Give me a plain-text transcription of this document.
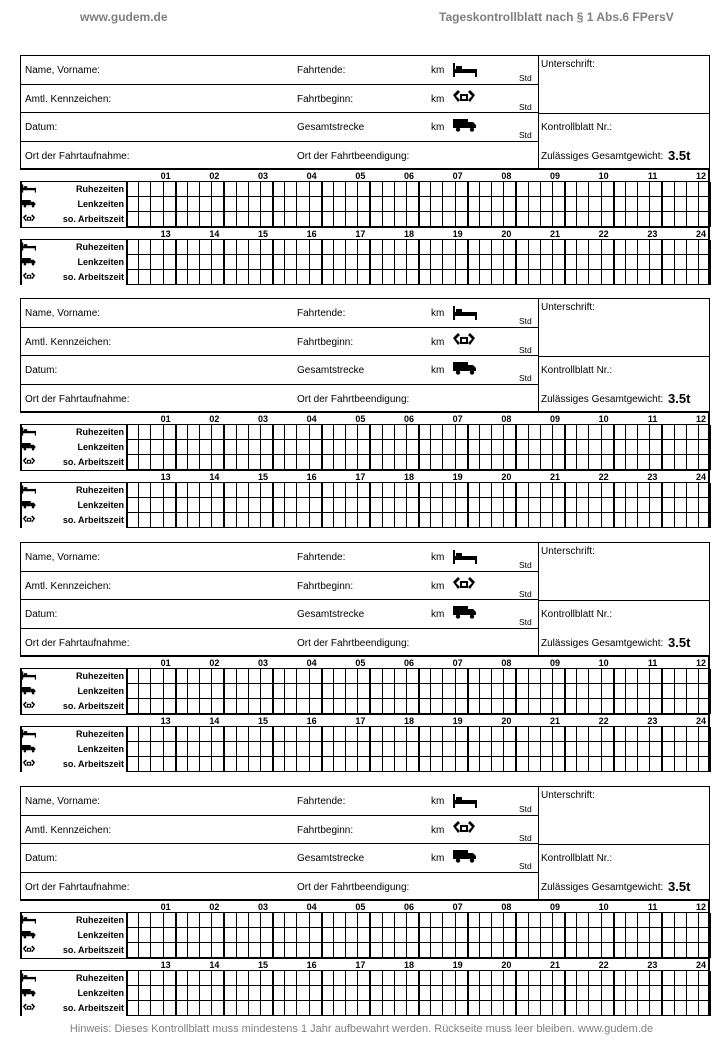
www.gudem.de	Tageskontrollblatt nach § 1 Abs.6 FPersV
Name, Vorname:	Fahrtende:	km
Std
Amtl. Kennzeichen:	Fahrtbeginn:	km
Std
Datum:	Gesamtstrecke	km
Std
Ort der Fahrtaufnahme:	Ort der Fahrtbeendigung:	Zulässiges Gesamtgewicht: 3.5t
Unterschrift:
Kontrollblatt Nr.:
01	02	03	04	05	06	07	08	09	10	11	12
Ruhezeiten
Lenkzeiten
so. Arbeitszeit
13	14	15	16	17	18	19	20	21	22	23	24
Ruhezeiten
Lenkzeiten
so. Arbeitszeit
Name, Vorname:	Fahrtende:	km
Std
Amtl. Kennzeichen:	Fahrtbeginn:	km
Std
Datum:	Gesamtstrecke	km
Std
Ort der Fahrtaufnahme:	Ort der Fahrtbeendigung:	Zulässiges Gesamtgewicht: 3.5t
Unterschrift:
Kontrollblatt Nr.:
01	02	03	04	05	06	07	08	09	10	11	12
Ruhezeiten
Lenkzeiten
so. Arbeitszeit
13	14	15	16	17	18	19	20	21	22	23	24
Ruhezeiten
Lenkzeiten
so. Arbeitszeit
Name, Vorname:	Fahrtende:	km
Std
Amtl. Kennzeichen:	Fahrtbeginn:	km
Std
Datum:	Gesamtstrecke	km
Std
Ort der Fahrtaufnahme:	Ort der Fahrtbeendigung:	Zulässiges Gesamtgewicht: 3.5t
Unterschrift:
Kontrollblatt Nr.:
01	02	03	04	05	06	07	08	09	10	11	12
Ruhezeiten
Lenkzeiten
so. Arbeitszeit
13	14	15	16	17	18	19	20	21	22	23	24
Ruhezeiten
Lenkzeiten
so. Arbeitszeit
Name, Vorname:	Fahrtende:	km
Std
Amtl. Kennzeichen:	Fahrtbeginn:	km
Std
Datum:	Gesamtstrecke	km
Std
Ort der Fahrtaufnahme:	Ort der Fahrtbeendigung:	Zulässiges Gesamtgewicht: 3.5t
Unterschrift:
Kontrollblatt Nr.:
01	02	03	04	05	06	07	08	09	10	11	12
Ruhezeiten
Lenkzeiten
so. Arbeitszeit
13	14	15	16	17	18	19	20	21	22	23	24
Ruhezeiten
Lenkzeiten
so. Arbeitszeit
Hinweis: Dieses Kontrollblatt muss mindestens 1 Jahr aufbewahrt werden. Rückseite muss leer bleiben. www.gudem.de
